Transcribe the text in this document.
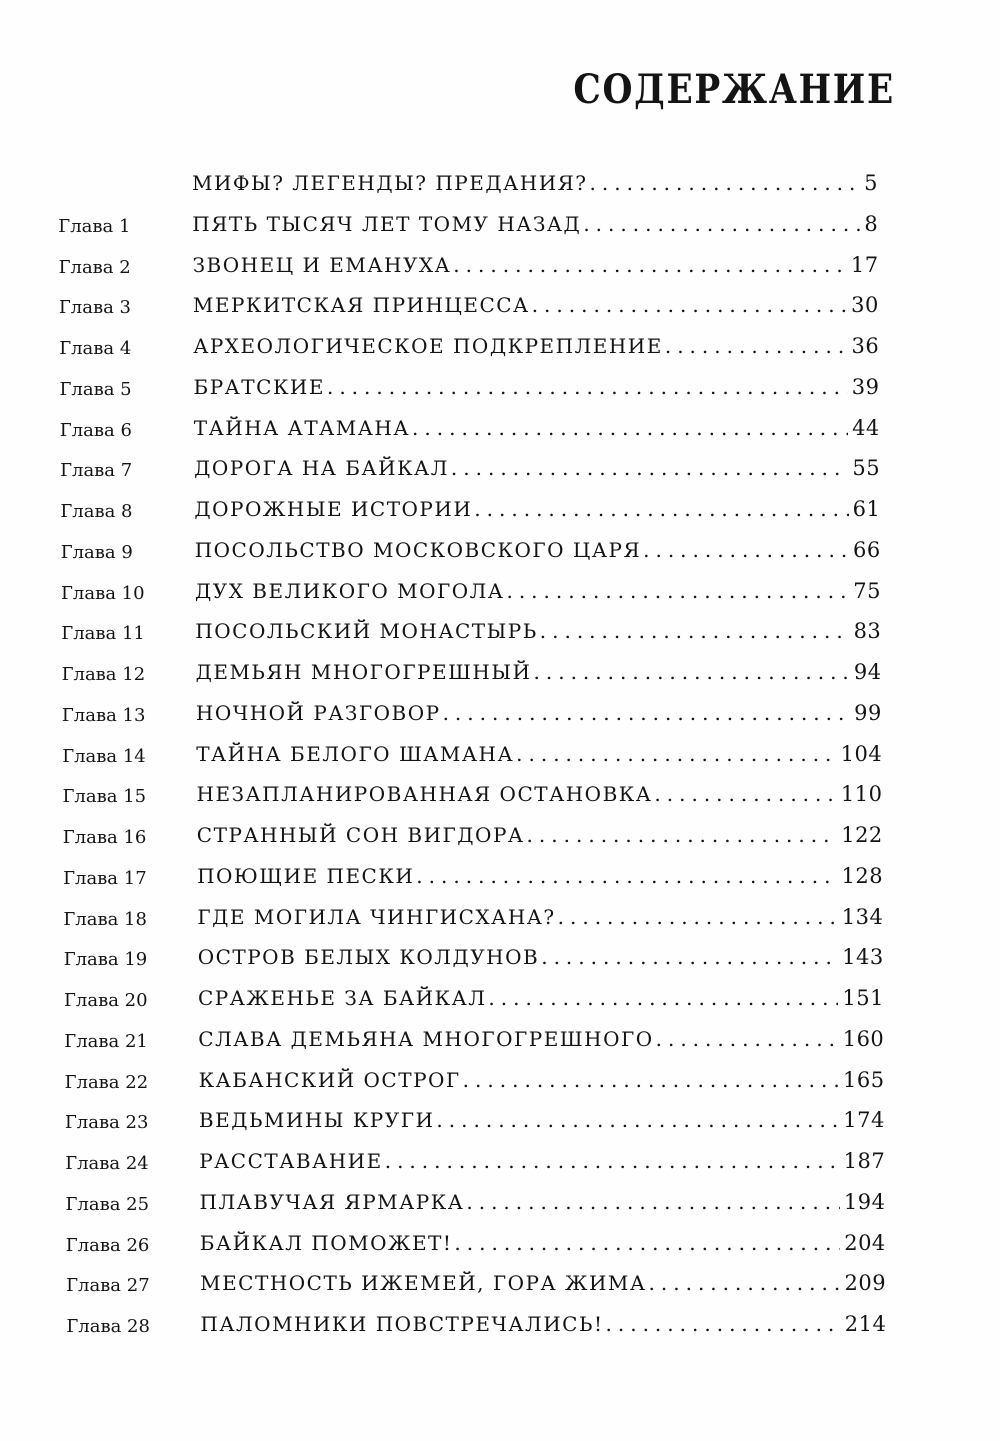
СОДЕРЖАНИЕ
МИФЫ? ЛЕГЕНДЫ? ПРЕДАНИЯ? .....	5
Глава 1	ПЯТЬ ТЫСЯЧ ЛЕТ ТОМУ НАЗАД .....	8
Глава 2	ЗВОНЕЦ И ЕМАНУХА .....	17
Глава 3	МЕРКИТСКАЯ ПРИНЦЕССА .....	30
Глава 4	АРХЕОЛОГИЧЕСКОЕ ПОДКРЕПЛЕНИЕ .....	36
Глава 5	БРАТСКИЕ .....	39
Глава 6	ТАЙНА АТАМАНА .....	44
Глава 7	ДОРОГА НА БАЙКАЛ .....	55
Глава 8	ДОРОЖНЫЕ ИСТОРИИ .....	61
Глава 9	ПОСОЛЬСТВО МОСКОВСКОГО ЦАРЯ .....	66
Глава 10	ДУХ ВЕЛИКОГО МОГОЛА .....	75
Глава 11	ПОСОЛЬСКИЙ МОНАСТЫРЬ .....	83
Глава 12	ДЕМЬЯН МНОГОГРЕШНЫЙ .....	94
Глава 13	НОЧНОЙ РАЗГОВОР .....	99
Глава 14	ТАЙНА БЕЛОГО ШАМАНА .....	104
Глава 15	НЕЗАПЛАНИРОВАННАЯ ОСТАНОВКА .....	110
Глава 16	СТРАННЫЙ СОН ВИГДОРА .....	122
Глава 17	ПОЮЩИЕ ПЕСКИ .....	128
Глава 18	ГДЕ МОГИЛА ЧИНГИСХАНА? .....	134
Глава 19	ОСТРОВ БЕЛЫХ КОЛДУНОВ .....	143
Глава 20	СРАЖЕНЬЕ ЗА БАЙКАЛ .....	151
Глава 21	СЛАВА ДЕМЬЯНА МНОГОГРЕШНОГО .....	160
Глава 22	КАБАНСКИЙ ОСТРОГ .....	165
Глава 23	ВЕДЬМИНЫ КРУГИ .....	174
Глава 24	РАССТАВАНИЕ .....	187
Глава 25	ПЛАВУЧАЯ ЯРМАРКА .....	194
Глава 26	БАЙКАЛ ПОМОЖЕТ! .....	204
Глава 27	МЕСТНОСТЬ ИЖЕМЕЙ, ГОРА ЖИМА .....	209
Глава 28	ПАЛОМНИКИ ПОВСТРЕЧАЛИСЬ! .....	214
